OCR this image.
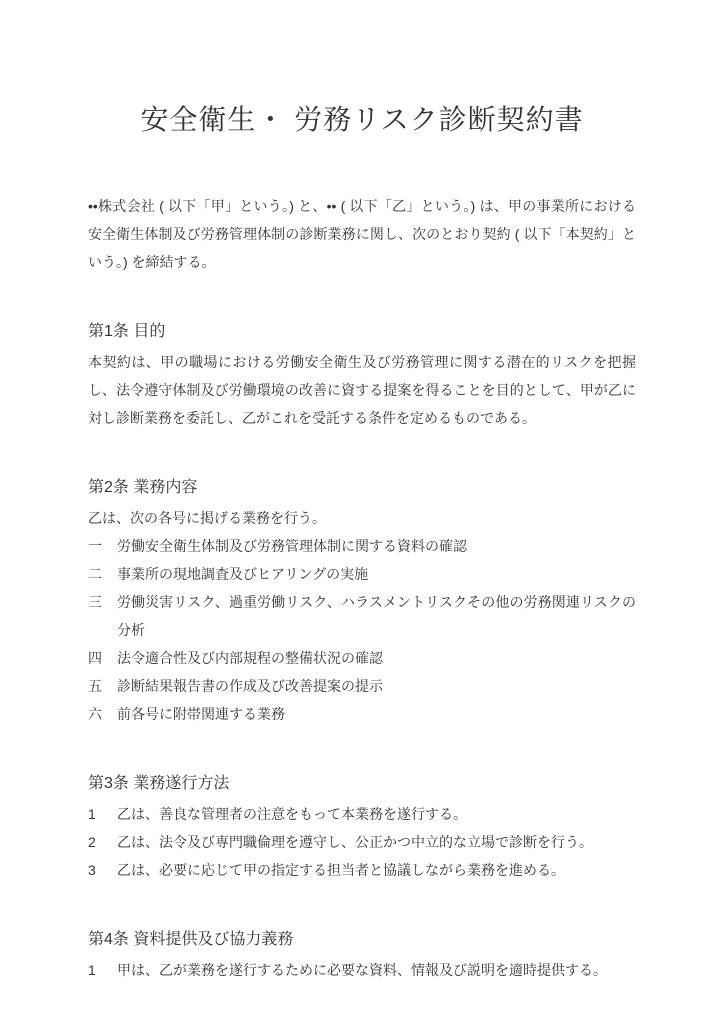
安全衛生・ 労務リスク診断契約書

••株式会社 ( 以下「甲」という。) と、•• ( 以下「乙」という。) は、甲の事業所における安全衛生体制及び労務管理体制の診断業務に関し、次のとおり契約 ( 以下「本契約」という。) を締結する。

第1条 目的

本契約は、甲の職場における労働安全衛生及び労務管理に関する潜在的リスクを把握し、法令遵守体制及び労働環境の改善に資する提案を得ることを目的として、甲が乙に対し診断業務を委託し、乙がこれを受託する条件を定めるものである。

第2条 業務内容

乙は、次の各号に掲げる業務を行う。

一	労働安全衛生体制及び労務管理体制に関する資料の確認
二	事業所の現地調査及びヒアリングの実施
三	労働災害リスク、過重労働リスク、ハラスメントリスクその他の労務関連リスクの分析
四	法令適合性及び内部規程の整備状況の確認
五	診断結果報告書の作成及び改善提案の提示
六	前各号に附帯関連する業務
第3条 業務遂行方法
1	乙は、善良な管理者の注意をもって本業務を遂行する。
2	乙は、法令及び専門職倫理を遵守し、公正かつ中立的な立場で診断を行う。
3	乙は、必要に応じて甲の指定する担当者と協議しながら業務を進める。
第4条 資料提供及び協力義務
1	甲は、乙が業務を遂行するために必要な資料、情報及び説明を適時提供する。
